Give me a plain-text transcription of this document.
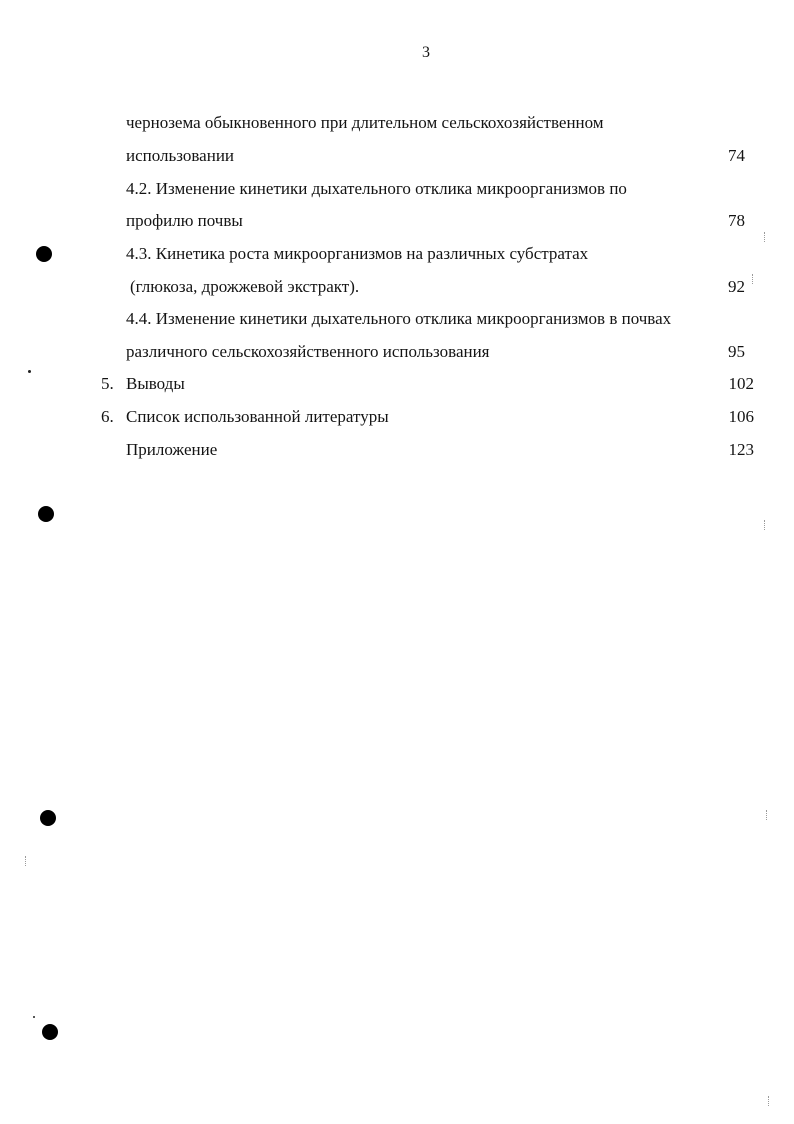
3
чернозема обыкновенного при длительном сельскохозяйственном
использовании	74
4.2. Изменение кинетики дыхательного отклика микроорганизмов по
профилю почвы	78
4.3. Кинетика роста микроорганизмов на различных субстратах
(глюкоза, дрожжевой экстракт).	92
4.4. Изменение кинетики дыхательного отклика микроорганизмов в почвах
различного сельскохозяйственного использования	95
5. Выводы	102
6. Список использованной литературы	106
Приложение	123
